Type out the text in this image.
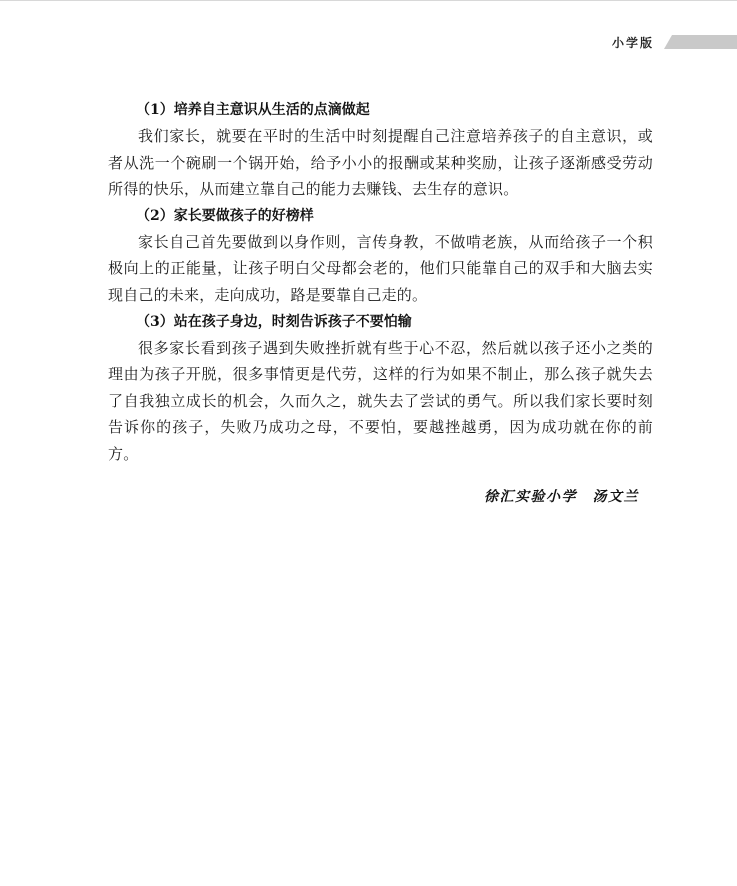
小学版

（1）培养自主意识从生活的点滴做起

我们家长，就要在平时的生活中时刻提醒自己注意培养孩子的自主意识，或者从洗一个碗刷一个锅开始，给予小小的报酬或某种奖励，让孩子逐渐感受劳动所得的快乐，从而建立靠自己的能力去赚钱、去生存的意识。

（2）家长要做孩子的好榜样

家长自己首先要做到以身作则，言传身教，不做啃老族，从而给孩子一个积极向上的正能量，让孩子明白父母都会老的，他们只能靠自己的双手和大脑去实现自己的未来，走向成功，路是要靠自己走的。

（3）站在孩子身边，时刻告诉孩子不要怕输

很多家长看到孩子遇到失败挫折就有些于心不忍，然后就以孩子还小之类的理由为孩子开脱，很多事情更是代劳，这样的行为如果不制止，那么孩子就失去了自我独立成长的机会，久而久之，就失去了尝试的勇气。所以我们家长要时刻告诉你的孩子，失败乃成功之母，不要怕，要越挫越勇，因为成功就在你的前方。

徐汇实验小学　汤文兰
